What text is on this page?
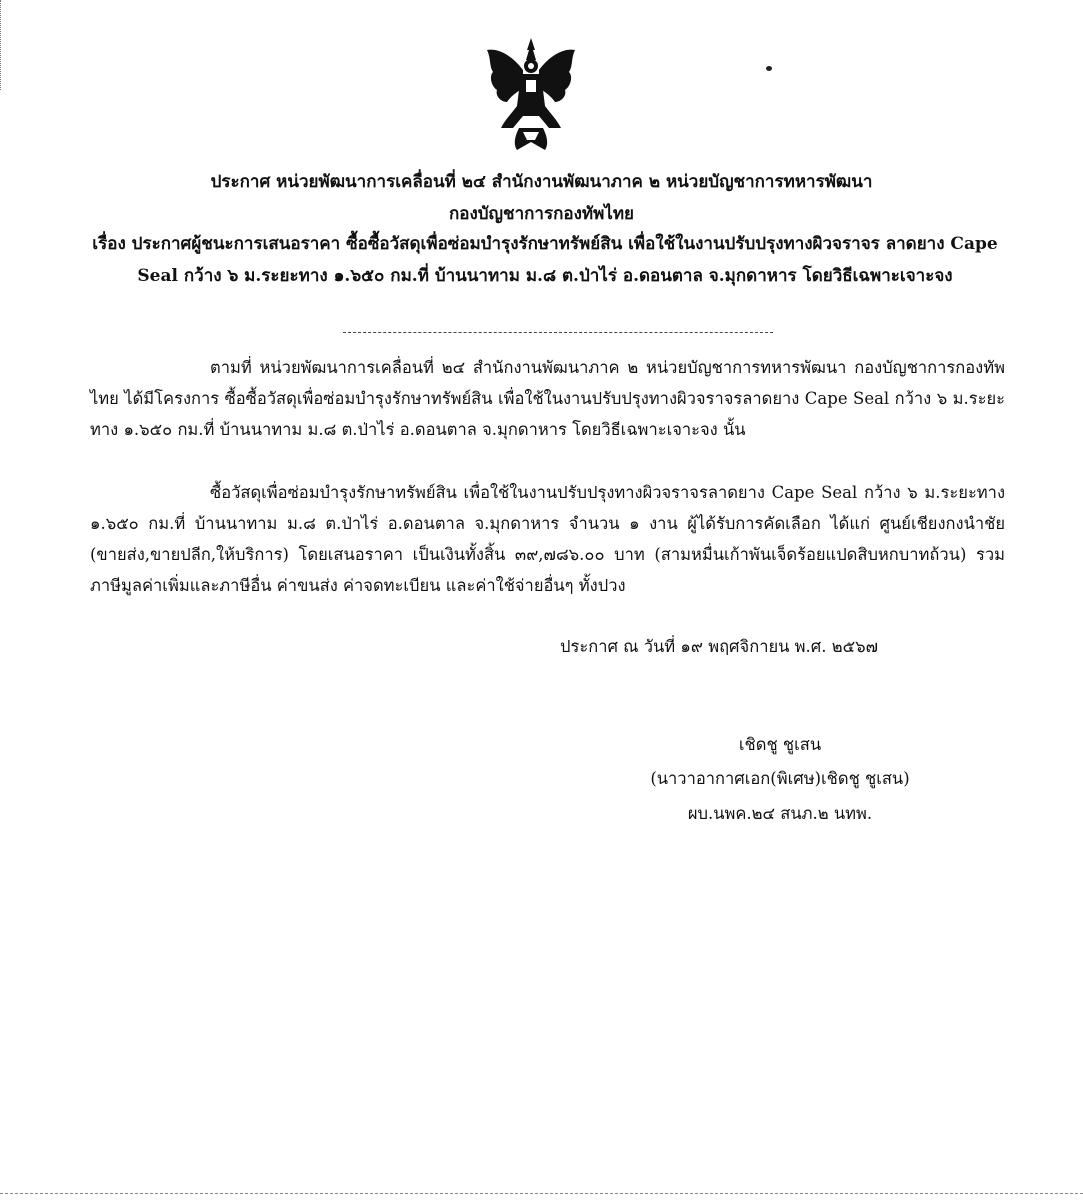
ประกาศ หน่วยพัฒนาการเคลื่อนที่ ๒๔ สำนักงานพัฒนาภาค ๒ หน่วยบัญชาการทหารพัฒนา
กองบัญชาการกองทัพไทย
เรื่อง ประกาศผู้ชนะการเสนอราคา ซื้อซื้อวัสดุเพื่อซ่อมบำรุงรักษาทรัพย์สิน เพื่อใช้ในงานปรับปรุงทางผิวจราจร ลาดยาง Cape Seal กว้าง ๖ ม.ระยะทาง ๑.๖๕๐ กม.ที่ บ้านนาทาม ม.๘ ต.ป่าไร่ อ.ดอนตาล จ.มุกดาหาร โดยวิธีเฉพาะเจาะจง
ตามที่ หน่วยพัฒนาการเคลื่อนที่ ๒๔ สำนักงานพัฒนาภาค ๒ หน่วยบัญชาการทหารพัฒนา กองบัญชาการกองทัพไทย ได้มีโครงการ ซื้อซื้อวัสดุเพื่อซ่อมบำรุงรักษาทรัพย์สิน เพื่อใช้ในงานปรับปรุงทางผิวจราจรลาดยาง Cape Seal กว้าง ๖ ม.ระยะทาง ๑.๖๕๐ กม.ที่ บ้านนาทาม ม.๘ ต.ป่าไร่ อ.ดอนตาล จ.มุกดาหาร โดยวิธีเฉพาะเจาะจง นั้น
ซื้อวัสดุเพื่อซ่อมบำรุงรักษาทรัพย์สิน เพื่อใช้ในงานปรับปรุงทางผิวจราจรลาดยาง Cape Seal กว้าง ๖ ม.ระยะทาง ๑.๖๕๐ กม.ที่ บ้านนาทาม ม.๘ ต.ป่าไร่ อ.ดอนตาล จ.มุกดาหาร จำนวน ๑ งาน ผู้ได้รับการคัดเลือก ได้แก่ ศูนย์เชียงกงนำชัย (ขายส่ง,ขายปลีก,ให้บริการ) โดยเสนอราคา เป็นเงินทั้งสิ้น ๓๙,๗๘๖.๐๐ บาท (สามหมื่นเก้าพันเจ็ดร้อยแปดสิบหกบาทถ้วน) รวมภาษีมูลค่าเพิ่มและภาษีอื่น ค่าขนส่ง ค่าจดทะเบียน และค่าใช้จ่ายอื่นๆ ทั้งปวง
ประกาศ ณ วันที่ ๑๙ พฤศจิกายน พ.ศ. ๒๕๖๗
เชิดชู ชูเสน
(นาวาอากาศเอก(พิเศษ)เชิดชู ชูเสน)
ผบ.นพค.๒๔ สนภ.๒ นทพ.
